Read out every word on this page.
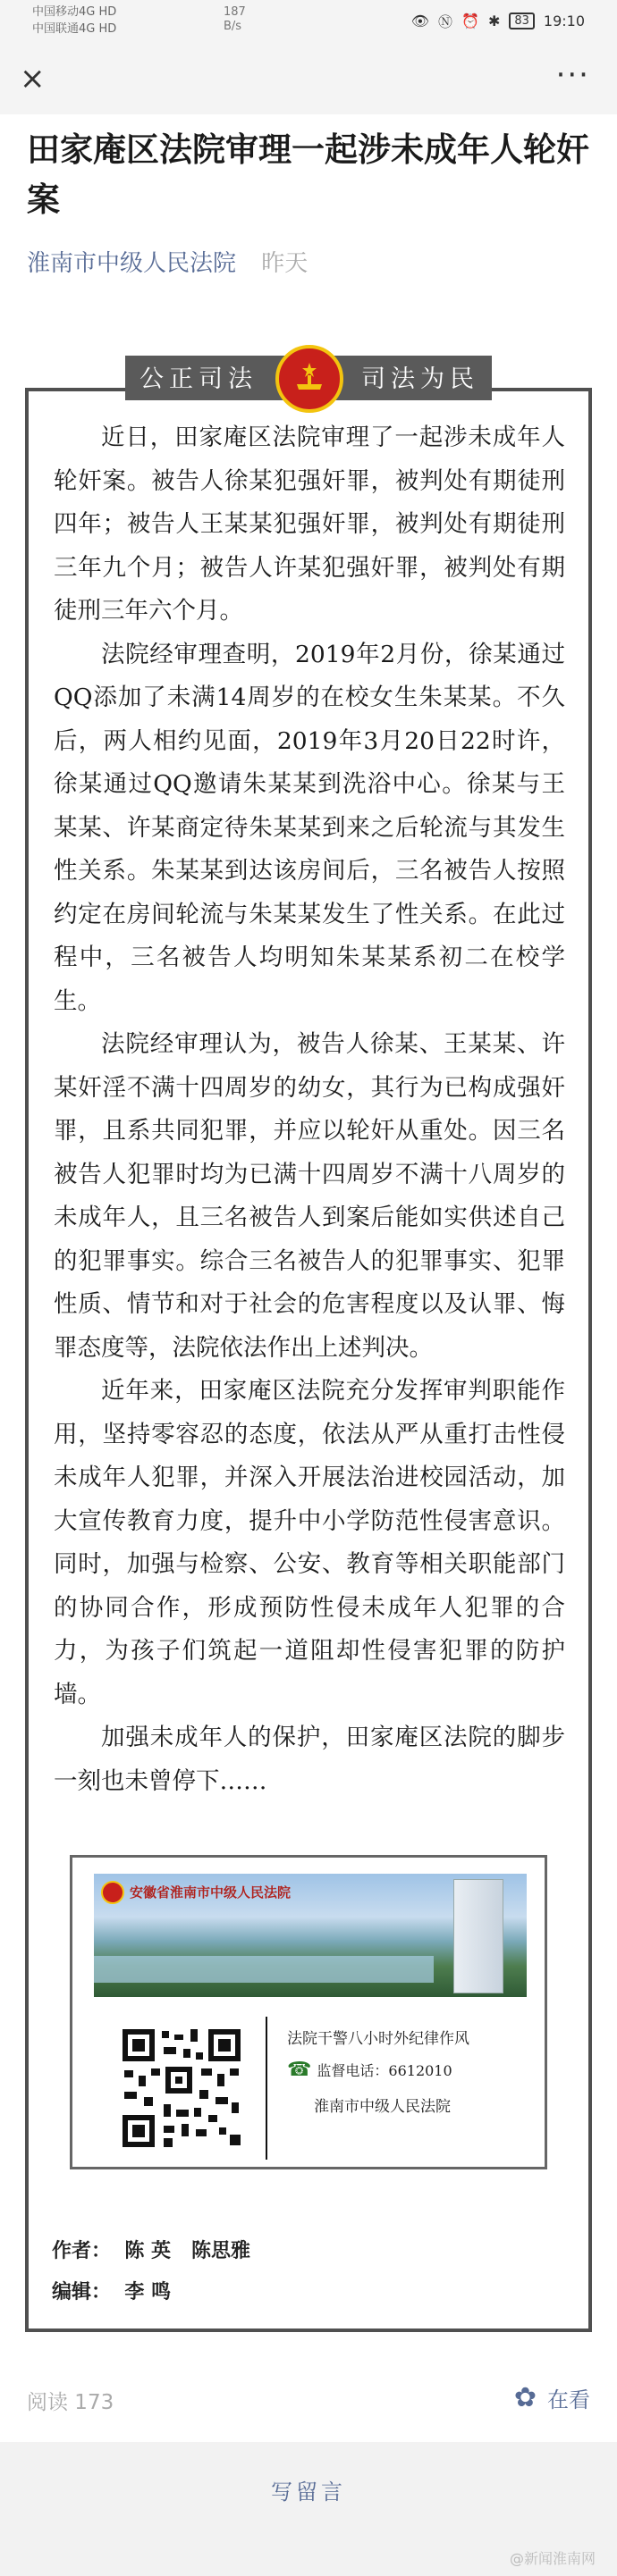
中国移动4G HD
中国联通4G HD
187
B/s	👁 Ⓝ ⏰ ✱	83	19:10
×	···
田家庵区法院审理一起涉未成年人轮奸案
淮南市中级人民法院 昨天
公正司法	司法为民

近日，田家庵区法院审理了一起涉未成年人轮奸案。被告人徐某犯强奸罪，被判处有期徒刑四年；被告人王某某犯强奸罪，被判处有期徒刑三年九个月；被告人许某犯强奸罪，被判处有期徒刑三年六个月。

法院经审理查明，2019年2月份，徐某通过QQ添加了未满14周岁的在校女生朱某某。不久后，两人相约见面，2019年3月20日22时许，徐某通过QQ邀请朱某某到洗浴中心。徐某与王某某、许某商定待朱某某到来之后轮流与其发生性关系。朱某某到达该房间后，三名被告人按照约定在房间轮流与朱某某发生了性关系。在此过程中，三名被告人均明知朱某某系初二在校学生。

法院经审理认为，被告人徐某、王某某、许某奸淫不满十四周岁的幼女，其行为已构成强奸罪，且系共同犯罪，并应以轮奸从重处。因三名被告人犯罪时均为已满十四周岁不满十八周岁的未成年人，且三名被告人到案后能如实供述自己的犯罪事实。综合三名被告人的犯罪事实、犯罪性质、情节和对于社会的危害程度以及认罪、悔罪态度等，法院依法作出上述判决。

近年来，田家庵区法院充分发挥审判职能作用，坚持零容忍的态度，依法从严从重打击性侵未成年人犯罪，并深入开展法治进校园活动，加大宣传教育力度，提升中小学防范性侵害意识。同时，加强与检察、公安、教育等相关职能部门的协同合作，形成预防性侵未成年人犯罪的合力，为孩子们筑起一道阻却性侵害犯罪的防护墙。

加强未成年人的保护，田家庵区法院的脚步一刻也未曾停下……

安徽省淮南市中级人民法院
法院干警八小时外纪律作风
☎ 监督电话：6612010
淮南市中级人民法院
作者：  陈 英   陈思雅
编辑：  李 鸣
阅读 173	✿ 在看
写留言
@新闻淮南网
